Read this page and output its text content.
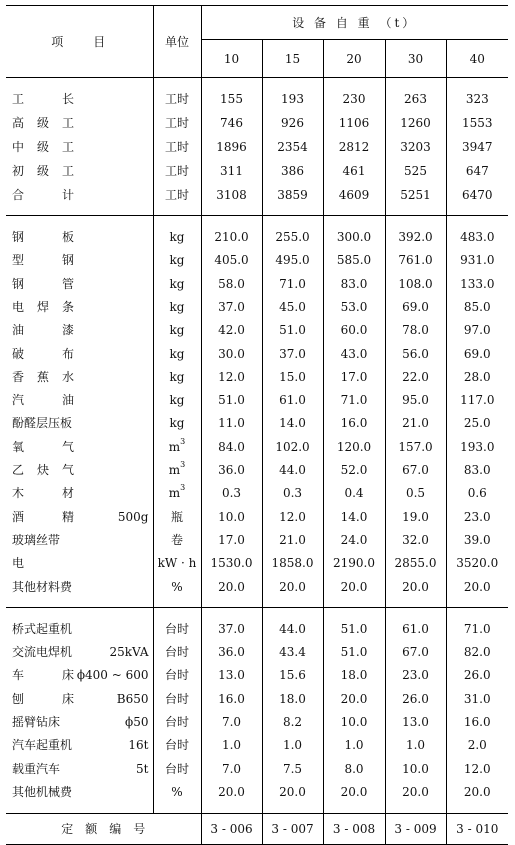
项　　目	单位	设 备 自 重 （t）				
		10	15	20	30	40

工 长	工时	155	193	230	263	323

高 级 工	工时	746	926	1106	1260	1553

中 级 工	工时	1896	2354	2812	3203	3947

初 级 工	工时	311	386	461	525	647

合 计	工时	3108	3859	4609	5251	6470

钢 板	kg	210.0	255.0	300.0	392.0	483.0

型 钢	kg	405.0	495.0	585.0	761.0	931.0

钢 管	kg	58.0	71.0	83.0	108.0	133.0

电 焊 条	kg	37.0	45.0	53.0	69.0	85.0

油 漆	kg	42.0	51.0	60.0	78.0	97.0

破 布	kg	30.0	37.0	43.0	56.0	69.0

香 蕉 水	kg	12.0	15.0	17.0	22.0	28.0

汽 油	kg	51.0	61.0	71.0	95.0	117.0
酚醛层压板	kg	11.0	14.0	16.0	21.0	25.0

氧 气	$m^3$	84.0	102.0	120.0	157.0	193.0

乙 炔 气	$m^3$	36.0	44.0	52.0	67.0	83.0

木 材	$m^3$	0.3	0.3	0.4	0.5	0.6

酒 精 500g	瓶	10.0	12.0	14.0	19.0	23.0
玻璃丝带	卷	17.0	21.0	24.0	32.0	39.0
电	kW · h	1530.0	1858.0	2190.0	2855.0	3520.0
其他材料费	%	20.0	20.0	20.0	20.0	20.0

桥式起重机	台时	37.0	44.0	51.0	61.0	71.0
交流电焊机 25kVA	台时	36.0	43.4	51.0	67.0	82.0

车 床 ϕ400 ~ 600	台时	13.0	15.6	18.0	23.0	26.0

刨 床 B650	台时	16.0	18.0	20.0	26.0	31.0
摇臂钻床 ϕ50	台时	7.0	8.2	10.0	13.0	16.0
汽车起重机 16t	台时	1.0	1.0	1.0	1.0	2.0
载重汽车 5t	台时	7.0	7.5	8.0	10.0	12.0
其他机械费	%	20.0	20.0	20.0	20.0	20.0

定　额　编　号		3 - 006	3 - 007	3 - 008	3 - 009	3 - 010
